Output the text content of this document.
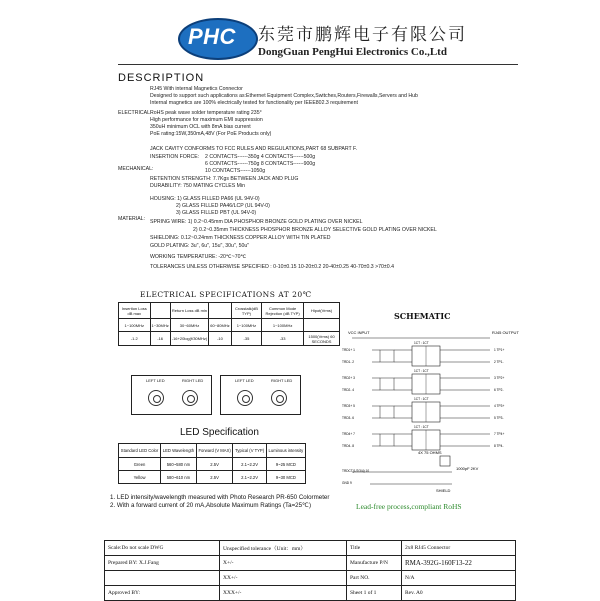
PHC 东莞市鹏辉电子有限公司
DongGuan PengHui Electronics Co.,Ltd
DESCRIPTION
RJ45 With internal Magnetics Connector
Designed to support such applications as:Ethernet Equipment Complex,Switches,Routers,Firewalls,Servers and Hub
Internal magnetics are 100% electrically tested for functionality per IEEE802.3 requirement
ELECTRICAL:
RoHS peak wave solder temperature rating 235°
High performance for maximum EMI suppression
350uH minimum OCL with 8mA bias current
PoE rating:15W,350mA,48V (For PoE Products only)
JACK CAVITY CONFORMS TO FCC RULES AND REGULATIONS,PART 68 SUBPART F.
INSERTION FORCE: 2 CONTACTS------350g 4 CONTACTS------500g
MECHANICAL:
6 CONTACTS------750g 8 CONTACTS------900g
10 CONTACTS------1050g
RETENTION STRENGTH: 7.7Kgs BETWEEN JACK AND PLUG
DURABILITY: 750 MATING CYCLES Min
HOUSING: 1) GLASS FILLED PA66 (UL 94V-0)
2) GLASS FILLED PA46/LCP (UL 94V-0)
3) GLASS FILLED PBT (UL 94V-0)
MATERIAL: SPRING WIRE: 1) 0.2~0.45mm DIA PHOSPHOR BRONZE GOLD PLATING OVER NICKEL
2) 0.2~0.35mm THICKNESS PHOSPHOR BRONZE ALLOY SELECTIVE GOLD PLATING OVER NICKEL
SHIELDING: 0.12~0.24mm THICKNESS COPPER ALLOY WITH TIN PLATED
GOLD PLATING: 3u", 6u", 15u", 30u", 50u"
WORKING TEMPERATURE: -20℃~70℃
TOLERANCES UNLESS OTHERWISE SPECIFIED : 0-10±0.15 10-20±0.2 20-40±0.25 40-70±0.3 >70±0.4
ELECTRICAL SPECIFICATIONS AT 20℃
Insertion Loss dB max		Return Loss dB min		Crosstalk(dB TYP)	Common Mode Rejection (dB TYP)	Hipot(Vrms)
1~100MHz	1~30MHz	30~60MHz	60~80MHz	1~100MHz	1~100MHz	
-1.2	-16	-16+20log(f/30MHz)	-10	-35	-33	1500(Vrms) 60 SECONDS
LEFT LED	RIGHT LED	LEFT LED	RIGHT LED
LED Specification
Standard LED Color	LED Wavelength	Forward (V MAX)	Typical (V TYP)	Luminous intensity
Green	560~580 nm	2.5V	2.1~2.2V	9~25 MCD
Yellow	580~610 nm	2.5V	2.1~2.2V	9~30 MCD
1. LED intensity/wavelength measured with Photo Research PR-650 Colormeter
2. With a forward current of 20 mA,Absolute Maximum Ratings (Ta=25℃)
SCHEMATIC
VCC INPUT	RJ45 OUTPUT
1CT : 1CT
TRD1+ 1	1 TP1+
TRD1- 2	2 TP1-
1CT : 1CT
TRD2+ 3	3 TP2+
TRD2- 4	6 TP2-
1CT : 1CT
TRD3+ 5	4 TP3+
TRD3- 6	5 TP3-
1CT : 1CT
TRD4+ 7	7 TP4+
TRD4- 8	8 TP4-
TRDCT(1/2/3/4) 10
GND 9
4X 75 OHMS
1000pF 2KV
SHIELD
Lead-free process,compliant RoHS
Scale:Do not scale DWG	Unspecified tolerance（Unit：mm）	Title	2x8 RJ45 Connector
Prepared BY: X.J.Fang	X+/-	Manufacture P/N	RMA-392G-160F13-22
	XX+/-	Part NO.	N/A
Approved BY:	XXX+/-	Sheet 1 of 1	Rev. A0
